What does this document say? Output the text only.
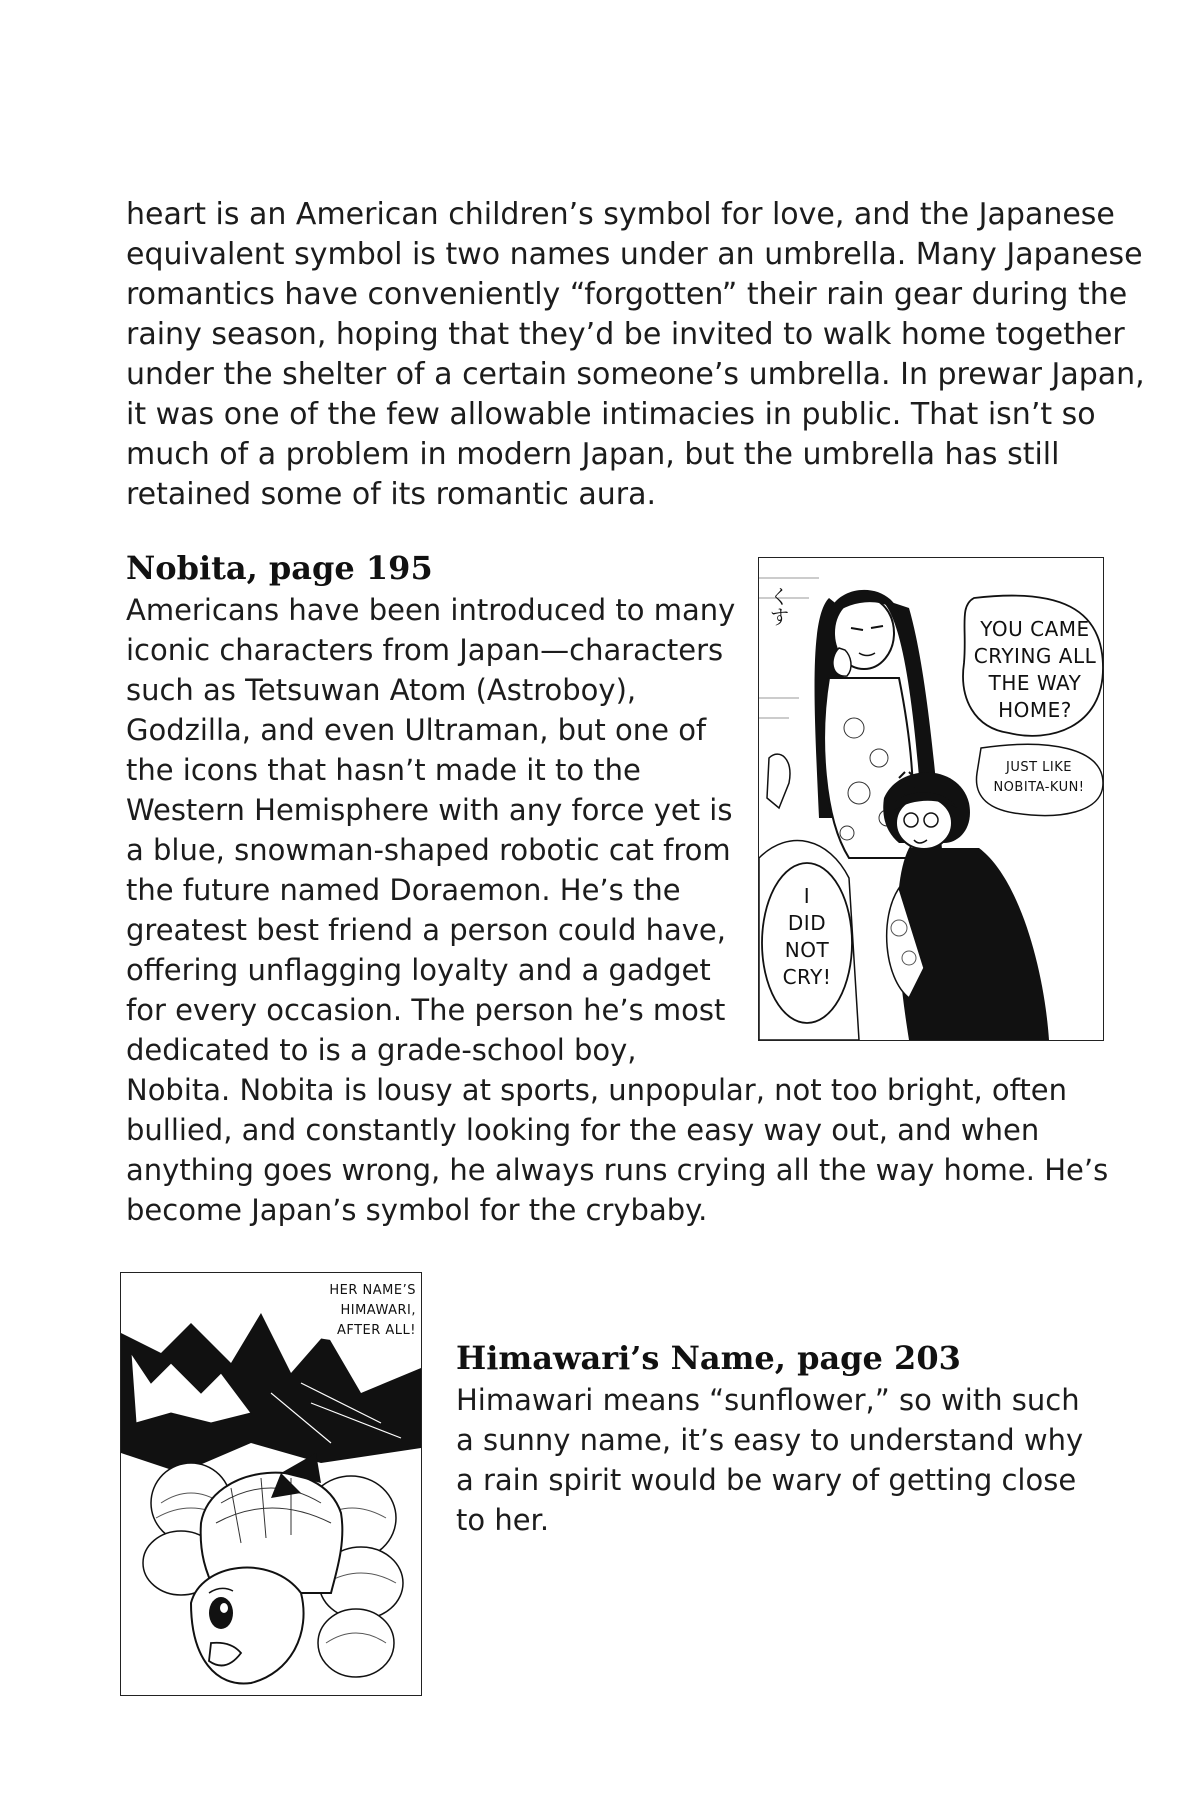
heart is an American children’s symbol for love, and the Japanese
equivalent symbol is two names under an umbrella. Many Japanese
romantics have conveniently “forgotten” their rain gear during the
rainy season, hoping that they’d be invited to walk home together
under the shelter of a certain someone’s umbrella. In prewar Japan,
it was one of the few allowable intimacies in public. That isn’t so
much of a problem in modern Japan, but the umbrella has still
retained some of its romantic aura.
Nobita, page 195
Americans have been introduced to many
iconic characters from Japan—characters
such as Tetsuwan Atom (Astroboy),
Godzilla, and even Ultraman, but one of
the icons that hasn’t made it to the
Western Hemisphere with any force yet is
a blue, snowman-shaped robotic cat from
the future named Doraemon. He’s the
greatest best friend a person could have,
offering unflagging loyalty and a gadget
for every occasion. The person he’s most
dedicated to is a grade-school boy,
Nobita. Nobita is lousy at sports, unpopular, not too bright, often
bullied, and constantly looking for the easy way out, and when
anything goes wrong, he always runs crying all the way home. He’s
become Japan’s symbol for the crybaby.
くす
YOU CAME
CRYING ALL
THE WAY
HOME?
JUST LIKE
NOBITA-KUN!
I
DID
NOT
CRY!
HER NAME’S
HIMAWARI,
AFTER ALL!
Himawari’s Name, page 203
Himawari means “sunflower,” so with such
a sunny name, it’s easy to understand why
a rain spirit would be wary of getting close
to her.
